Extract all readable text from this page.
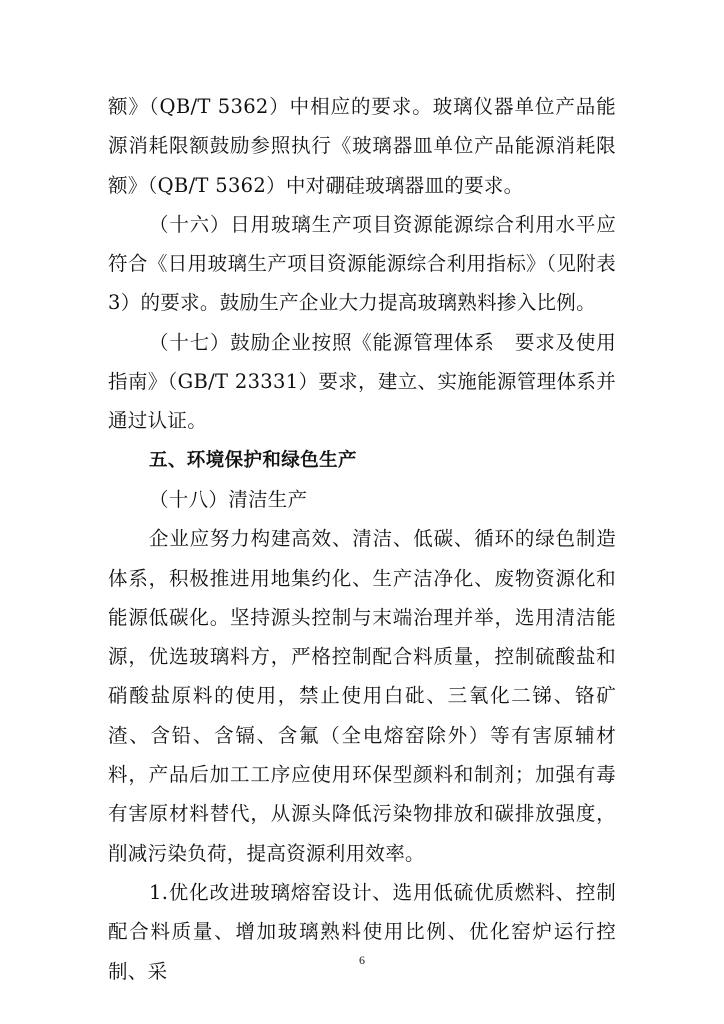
额》（QB/T 5362）中相应的要求。玻璃仪器单位产品能源消耗限额鼓励参照执行《玻璃器皿单位产品能源消耗限额》（QB/T 5362）中对硼硅玻璃器皿的要求。

（十六）日用玻璃生产项目资源能源综合利用水平应符合《日用玻璃生产项目资源能源综合利用指标》（见附表 3）的要求。鼓励生产企业大力提高玻璃熟料掺入比例。

（十七）鼓励企业按照《能源管理体系　要求及使用指南》（GB/T 23331）要求，建立、实施能源管理体系并通过认证。

五、环境保护和绿色生产

（十八）清洁生产

企业应努力构建高效、清洁、低碳、循环的绿色制造体系，积极推进用地集约化、生产洁净化、废物资源化和能源低碳化。坚持源头控制与末端治理并举，选用清洁能源，优选玻璃料方，严格控制配合料质量，控制硫酸盐和硝酸盐原料的使用，禁止使用白砒、三氧化二锑、铬矿渣、含铅、含镉、含氟（全电熔窑除外）等有害原辅材料，产品后加工工序应使用环保型颜料和制剂；加强有毒有害原材料替代，从源头降低污染物排放和碳排放强度，削减污染负荷，提高资源利用效率。

1.优化改进玻璃熔窑设计、选用低硫优质燃料、控制配合料质量、增加玻璃熟料使用比例、优化窑炉运行控制、采	6
